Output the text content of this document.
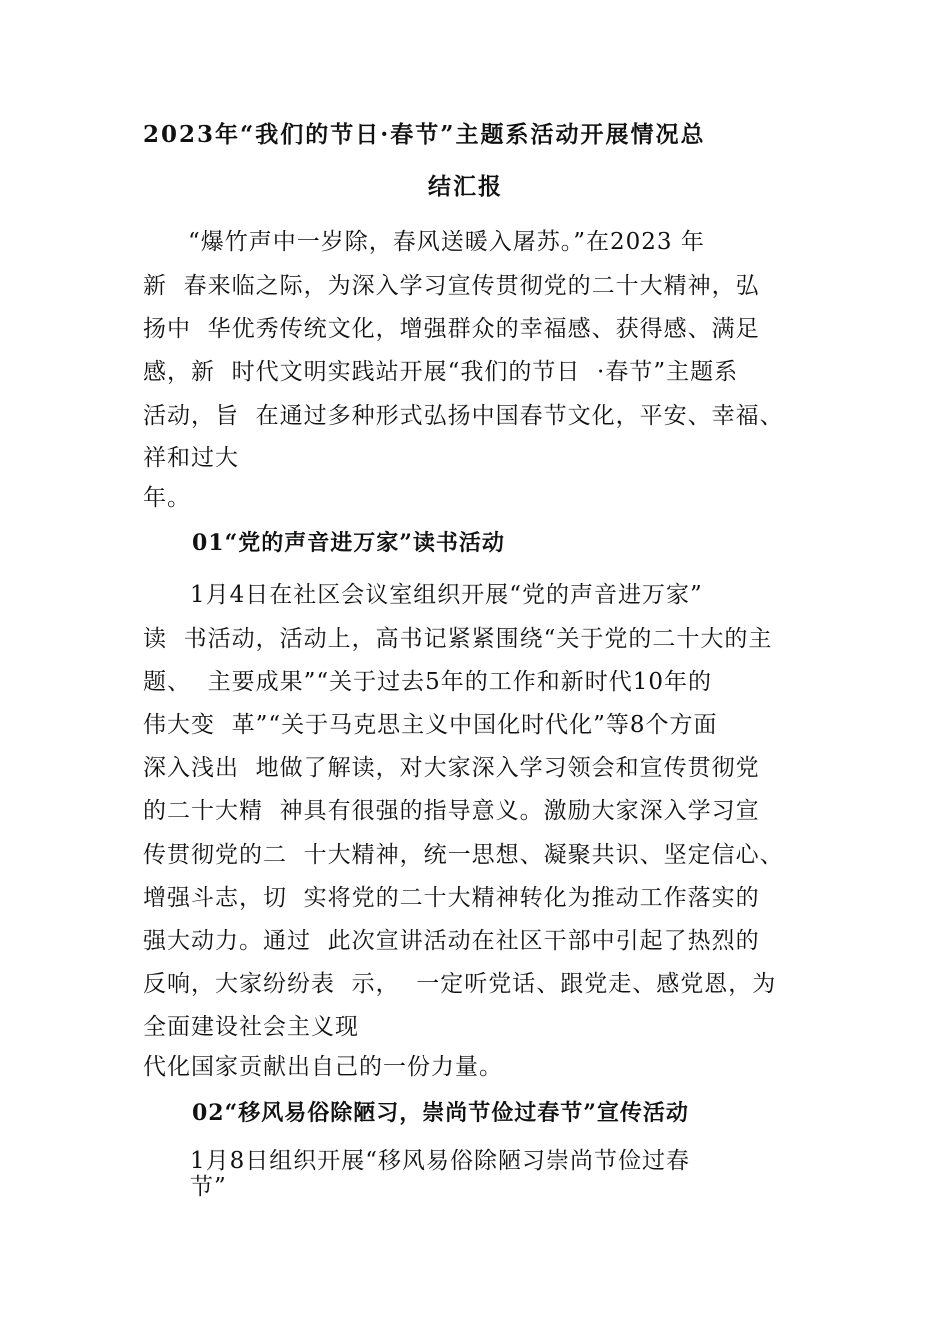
2023年“我们的节日·春节”主题系活动开展情况总
结汇报
“爆竹声中一岁除，春风送暖入屠苏。”在2023 年
新  春来临之际，为深入学习宣传贯彻党的二十大精神，弘
扬中  华优秀传统文化，增强群众的幸福感、获得感、满足
感，新  时代文明实践站开展“我们的节日  ·春节”主题系
活动，旨  在通过多种形式弘扬中国春节文化，平安、幸福、
祥和过大
年。
01“党的声音进万家”读书活动
1月4日在社区会议室组织开展“党的声音进万家”
读  书活动，活动上，高书记紧紧围绕“关于党的二十大的主
题、  主要成果”“关于过去5年的工作和新时代10年的
伟大变  革”“关于马克思主义中国化时代化”等8个方面
深入浅出  地做了解读，对大家深入学习领会和宣传贯彻党
的二十大精  神具有很强的指导意义。激励大家深入学习宣
传贯彻党的二  十大精神，统一思想、凝聚共识、坚定信心、
增强斗志，切  实将党的二十大精神转化为推动工作落实的
强大动力。通过  此次宣讲活动在社区干部中引起了热烈的
反响，大家纷纷表  示，  一定听党话、跟党走、感党恩，为
全面建设社会主义现
代化国家贡献出自己的一份力量。
02“移风易俗除陋习，崇尚节俭过春节”宣传活动
1月8日组织开展“移风易俗除陋习崇尚节俭过春
节”
